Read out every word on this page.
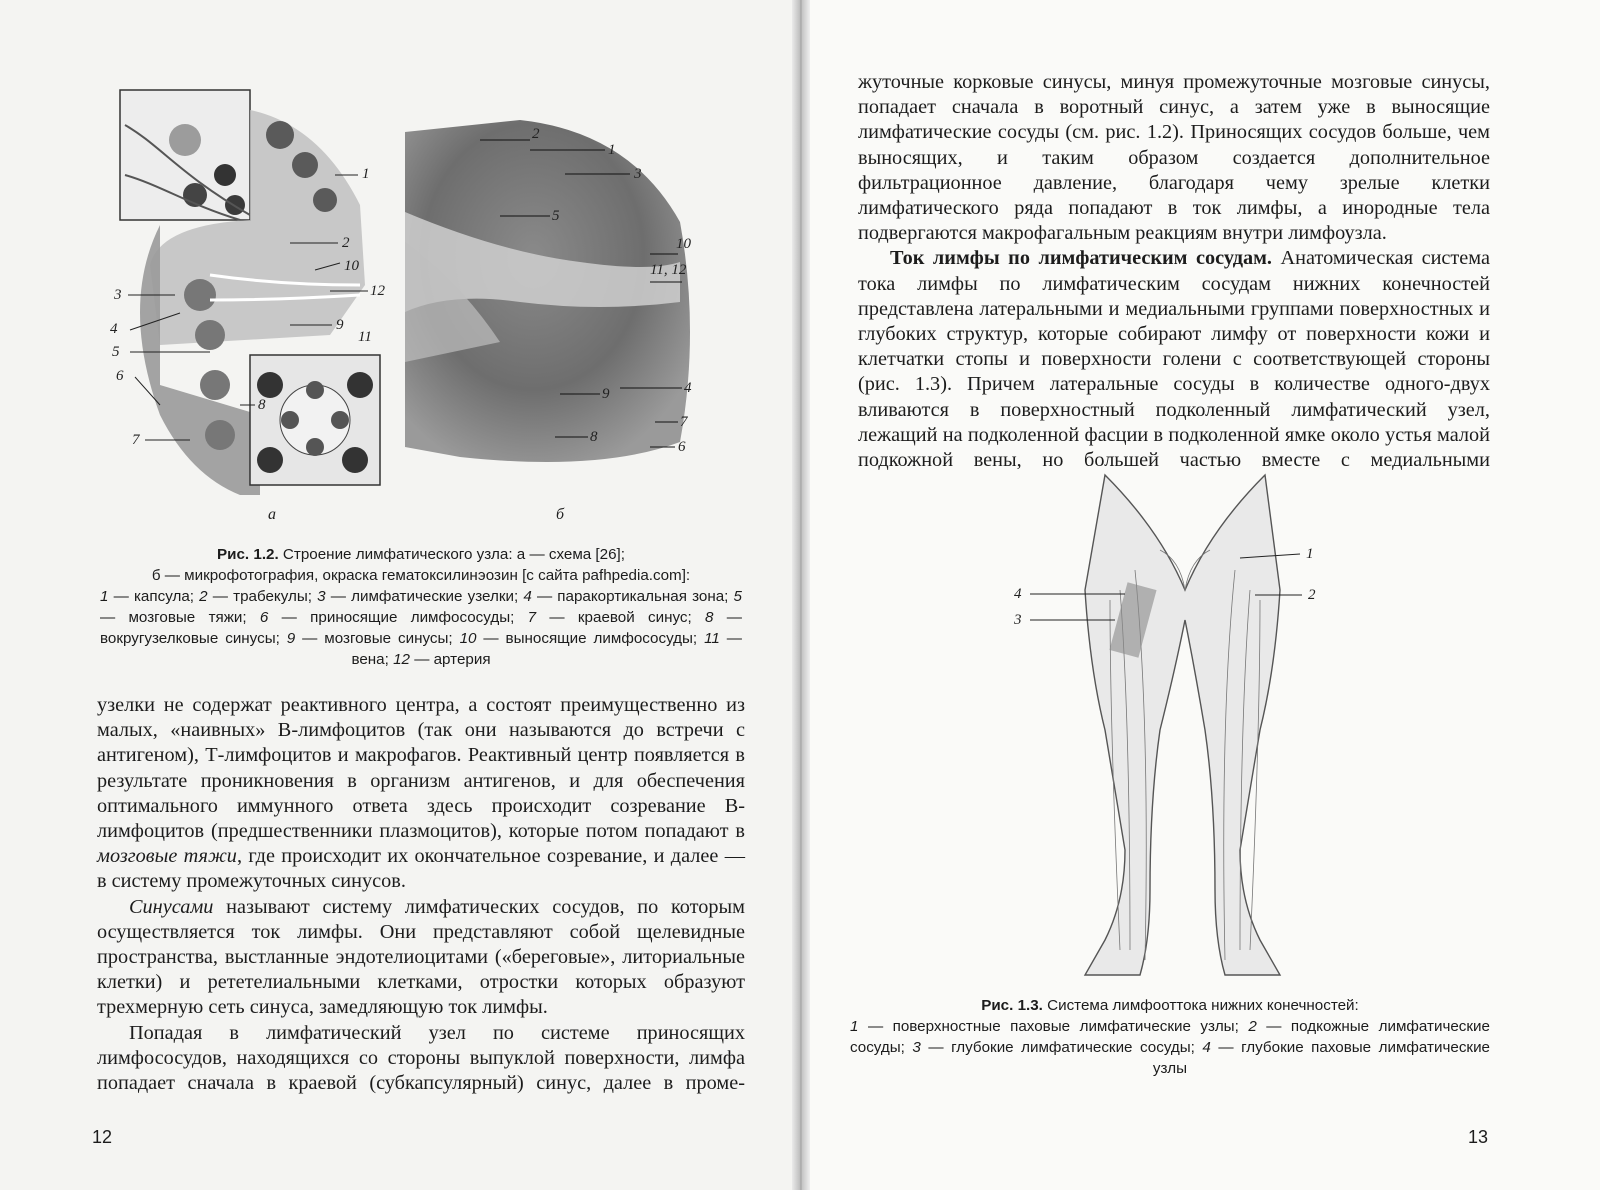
1
2
10
12
3
4	9
11
5
6
8
7
2
1
3
5
10
11, 12
4
9
7
8
6
а	б
Рис. 1.2. Строение лимфатического узла: а — схема [26];
б — микрофотография, окраска гематоксилинэозин [с сайта pafhpedia.com]:
1 — капсула; 2 — трабекулы; 3 — лимфатические узелки; 4 — паракортикальная зона; 5 — мозговые тяжи; 6 — приносящие лимфососуды; 7 — краевой синус; 8 — вокругузелковые синусы; 9 — мозговые синусы; 10 — выносящие лимфососуды; 11 — вена; 12 — артерия

узелки не содержат реактивного центра, а состоят преимущественно из малых, «наивных» В-лимфоцитов (так они называются до встречи с антигеном), Т-лимфоцитов и макрофагов. Реактивный центр появляется в результате проникновения в организм антигенов, и для обеспечения оптимального иммунного ответа здесь происходит созревание В-лимфоцитов (предшественники плазмоцитов), которые потом попадают в мозговые тяжи, где происходит их окончательное созревание, и далее — в систему промежуточных синусов.

Синусами называют систему лимфатических сосудов, по которым осуществляется ток лимфы. Они представляют собой щелевидные пространства, выстланные эндотелиоцитами («береговые», литориальные клетки) и рететелиальными клетками, отростки которых образуют трехмерную сеть синуса, замедляющую ток лимфы.

Попадая в лимфатический узел по системе приносящих лимфососудов, находящихся со стороны выпуклой поверхности, лимфа попадает сначала в краевой (субкапсулярный) синус, далее в проме-

12

жуточные корковые синусы, минуя промежуточные мозговые синусы, попадает сначала в воротный синус, а затем уже в выносящие лимфатические сосуды (см. рис. 1.2). Приносящих сосудов больше, чем выносящих, и таким образом создается дополнительное фильтрационное давление, благодаря чему зрелые клетки лимфатического ряда попадают в ток лимфы, а инородные тела подвергаются макрофагальным реакциям внутри лимфоузла.

Ток лимфы по лимфатическим сосудам. Анатомическая система тока лимфы по лимфатическим сосудам нижних конечностей представлена латеральными и медиальными группами поверхностных и глубоких структур, которые собирают лимфу от поверхности кожи и клетчатки стопы и поверхности голени с соответствующей стороны (рис. 1.3). Причем латеральные сосуды в количестве одного-двух вливаются в поверхностный подколенный лимфатический узел, лежащий на подколенной фасции в подколенной ямке около устья малой подкожной вены, но большей частью вместе с медиальными

1
2
4
3
Рис. 1.3. Система лимфооттока нижних конечностей:
1 — поверхностные паховые лимфатические узлы; 2 — подкожные лимфатические сосуды; 3 — глубокие лимфатические сосуды; 4 — глубокие паховые лимфатические узлы
13
